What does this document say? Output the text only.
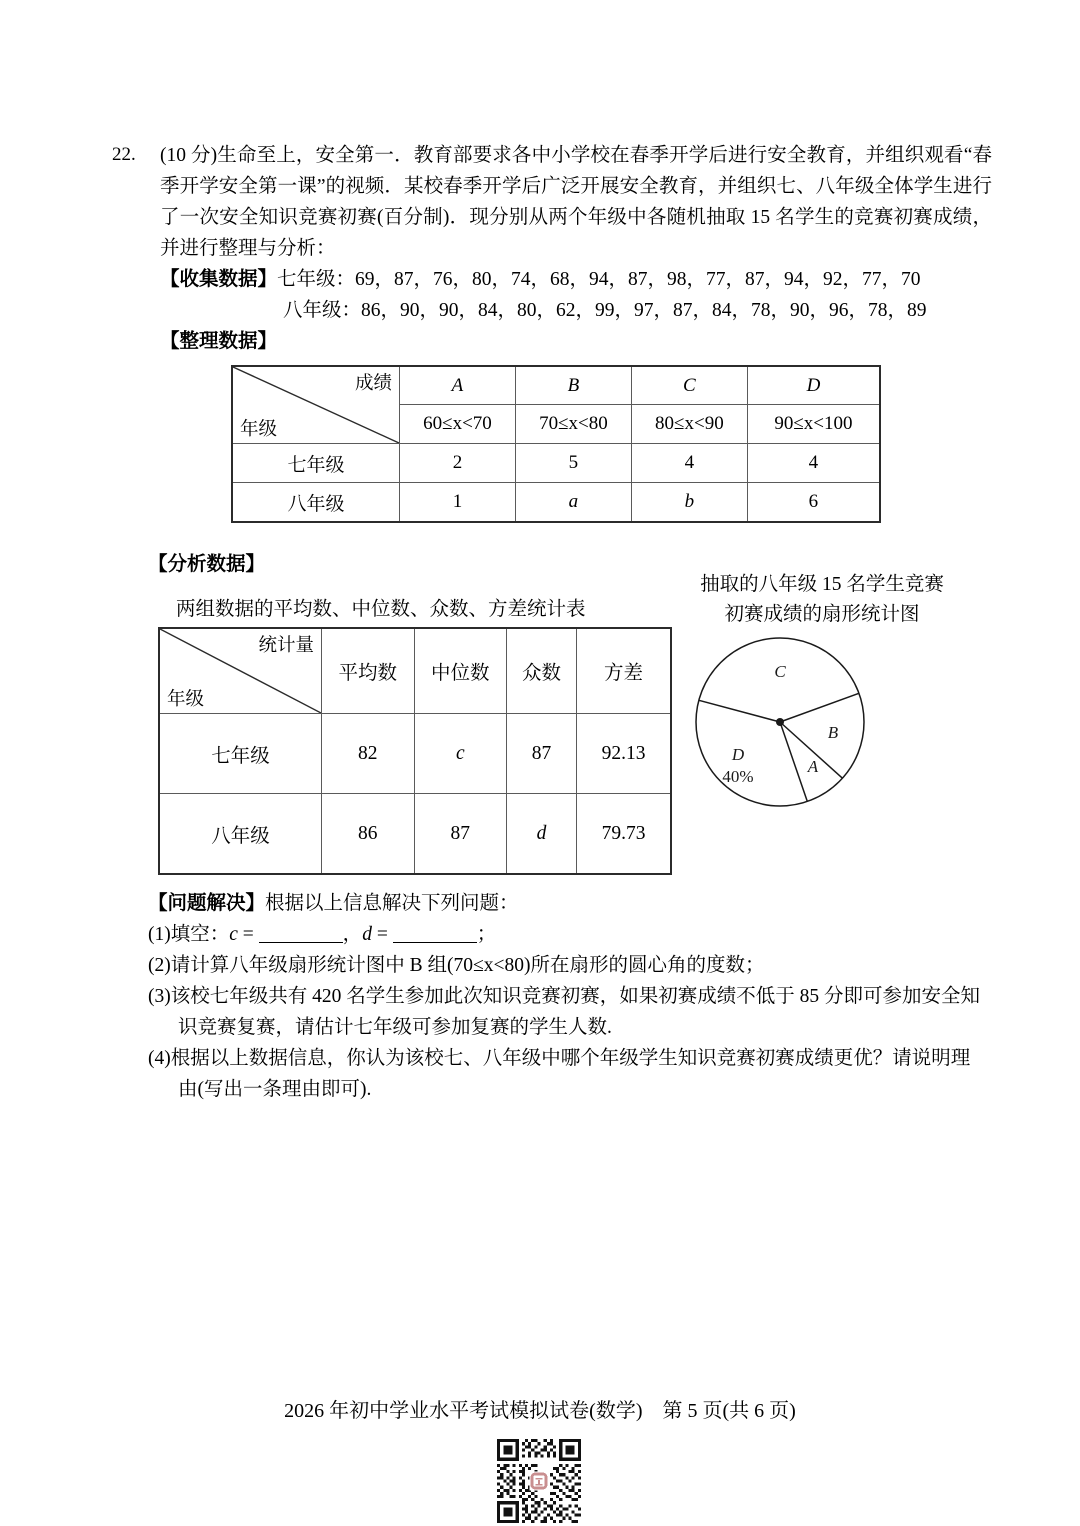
22.	(10 分)生命至上，安全第一．教育部要求各中小学校在春季开学后进行安全教育，并组织观看“春季开学安全第一课”的视频．某校春季开学后广泛开展安全教育，并组织七、八年级全体学生进行了一次安全知识竞赛初赛(百分制)．现分别从两个年级中各随机抽取 15 名学生的竞赛初赛成绩，并进行整理与分析：

【收集数据】七年级：69，87，76，80，74，68，94，87，98，77，87，94，92，77，70
八年级：86，90，90，84，80，62，99，97，87，84，78，90，96，78，89
【整理数据】
成绩
年级	A	B	C	D
	60≤x<70	70≤x<80	80≤x<90	90≤x<100
七年级	2	5	4	4
八年级	1	a	b	6
【分析数据】
两组数据的平均数、中位数、众数、方差统计表
统计量
年级	平均数	中位数	众数	方差
七年级	82	c	87	92.13
八年级	86	87	d	79.73
抽取的八年级 15 名学生竞赛
初赛成绩的扇形统计图
C
D
40%
A
B

【问题解决】根据以上信息解决下列问题：

(1)填空：c =	，d =	；

(2)请计算八年级扇形统计图中 B 组(70≤x<80)所在扇形的圆心角的度数；

(3)该校七年级共有 420 名学生参加此次知识竞赛初赛，如果初赛成绩不低于 85 分即可参加安全知识竞赛复赛，请估计七年级可参加复赛的学生人数.

(4)根据以上数据信息，你认为该校七、八年级中哪个年级学生知识竞赛初赛成绩更优？请说明理由(写出一条理由即可).

2026 年初中学业水平考试模拟试卷(数学)　第 5 页(共 6 页)
